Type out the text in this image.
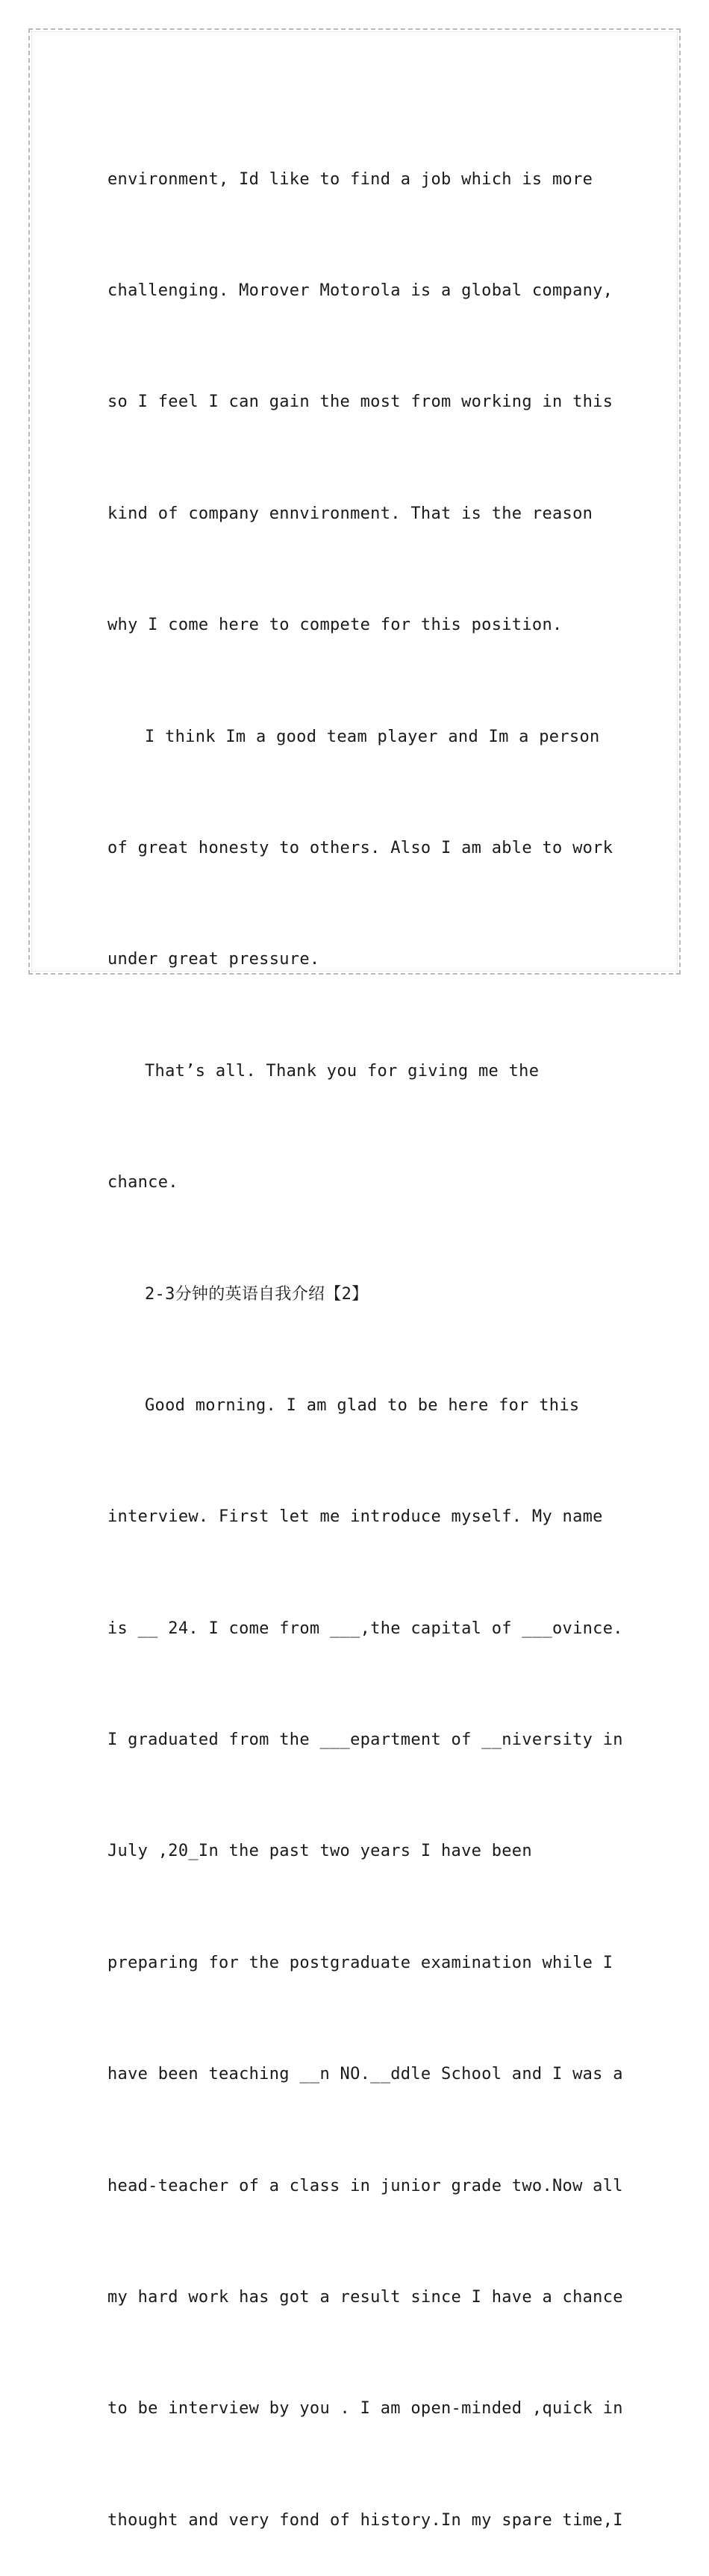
environment, Id like to find a job which is more

challenging. Morover Motorola is a global company,

so I feel I can gain the most from working in this

kind of company ennvironment. That is the reason

why I come here to compete for this position.

I think Im a good team player and Im a person

of great honesty to others. Also I am able to work

under great pressure.

That’s all. Thank you for giving me the

chance.

2-3分钟的英语自我介绍【2】

Good morning. I am glad to be here for this

interview. First let me introduce myself. My name

is __ 24. I come from ___,the capital of ___ovince.

I graduated from the ___epartment of __niversity in

July ,20_In the past two years I have been

preparing for the postgraduate examination while I

have been teaching __n NO.__ddle School and I was a

head-teacher of a class in junior grade two.Now all

my hard work has got a result since I have a chance

to be interview by you . I am open-minded ,quick in

thought and very fond of history.In my spare time,I
